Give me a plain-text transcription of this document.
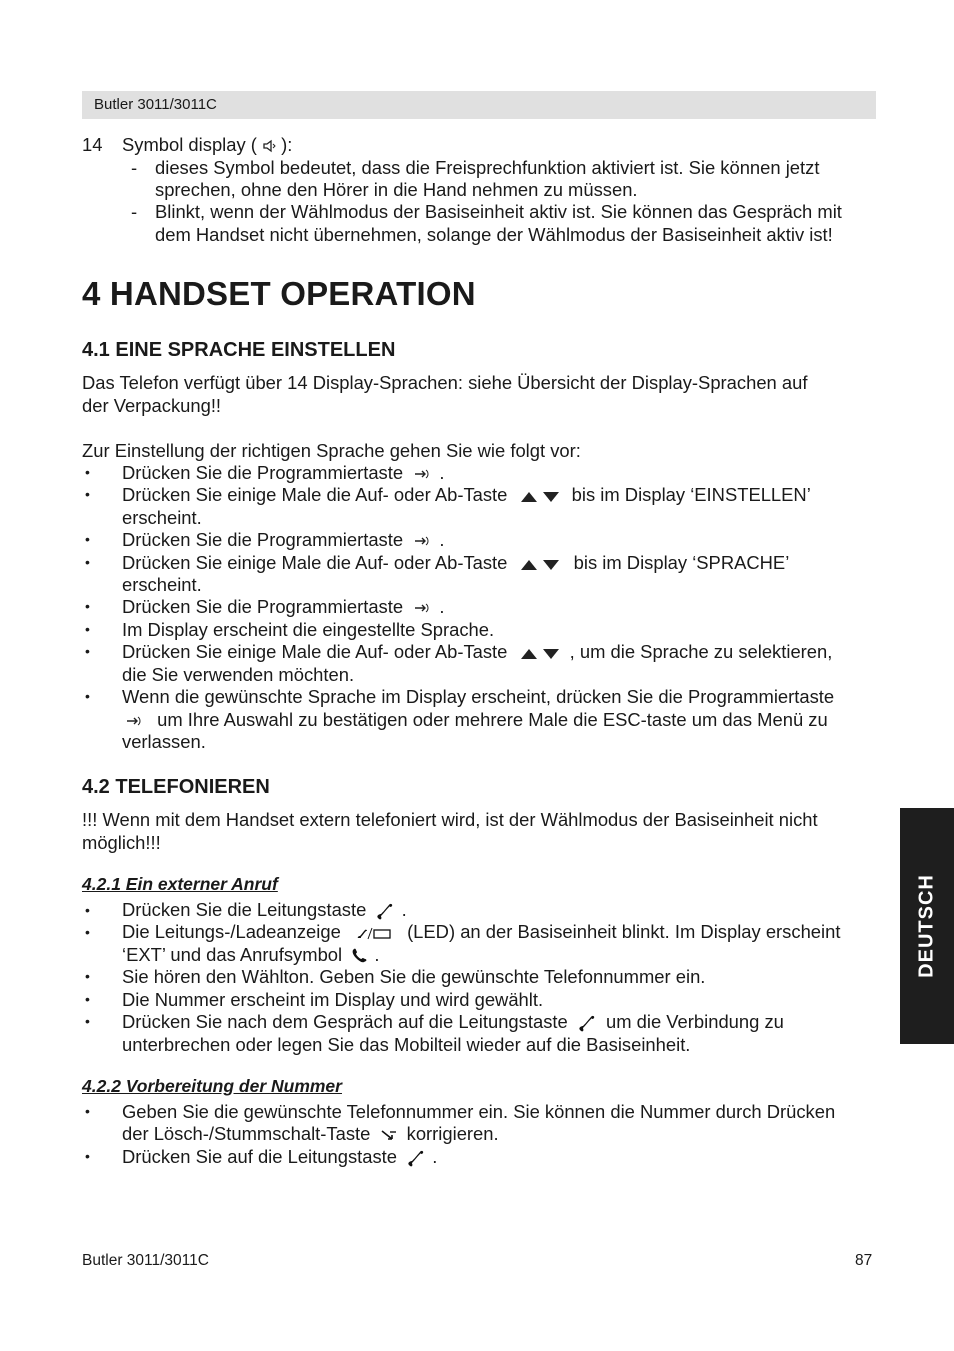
Butler 3011/3011C
14 Symbol display ( ):
- dieses Symbol bedeutet, dass die Freisprechfunktion aktiviert ist. Sie können jetzt
sprechen, ohne den Hörer in die Hand nehmen zu müssen.
- Blinkt, wenn der Wählmodus der Basiseinheit aktiv ist. Sie können das Gespräch mit
dem Handset nicht übernehmen, solange der Wählmodus der Basiseinheit aktiv ist!
4 HANDSET OPERATION
4.1 EINE SPRACHE EINSTELLEN
Das Telefon verfügt über 14 Display-Sprachen: siehe Übersicht der Display-Sprachen auf
der Verpackung!!
Zur Einstellung der richtigen Sprache gehen Sie wie folgt vor:
• Drücken Sie die Programmiertaste .
• Drücken Sie einige Male die Auf- oder Ab-Taste	bis im Display ‘EINSTELLEN’
erscheint.
• Drücken Sie die Programmiertaste .
• Drücken Sie einige Male die Auf- oder Ab-Taste	bis im Display ‘SPRACHE’
erscheint.
• Drücken Sie die Programmiertaste .
• Im Display erscheint die eingestellte Sprache.
• Drücken Sie einige Male die Auf- oder Ab-Taste	, um die Sprache zu selektieren,
die Sie verwenden möchten.
• Wenn die gewünschte Sprache im Display erscheint, drücken Sie die Programmiertaste
um Ihre Auswahl zu bestätigen oder mehrere Male die ESC-taste um das Menü zu
verlassen.
4.2 TELEFONIEREN
!!! Wenn mit dem Handset extern telefoniert wird, ist der Wählmodus der Basiseinheit nicht
möglich!!!
4.2.1 Ein externer Anruf
• Drücken Sie die Leitungstaste .
• Die Leitungs-/Ladeanzeige	(LED) an der Basiseinheit blinkt. Im Display erscheint
‘EXT’ und das Anrufsymbol .
• Sie hören den Wählton. Geben Sie die gewünschte Telefonnummer ein.
• Die Nummer erscheint im Display und wird gewählt.
• Drücken Sie nach dem Gespräch auf die Leitungstaste um die Verbindung zu
unterbrechen oder legen Sie das Mobilteil wieder auf die Basiseinheit.
4.2.2 Vorbereitung der Nummer
• Geben Sie die gewünschte Telefonnummer ein. Sie können die Nummer durch Drücken
der Lösch-/Stummschalt-Taste korrigieren.
• Drücken Sie auf die Leitungstaste .
DEUTSCH
Butler 3011/3011C	87
